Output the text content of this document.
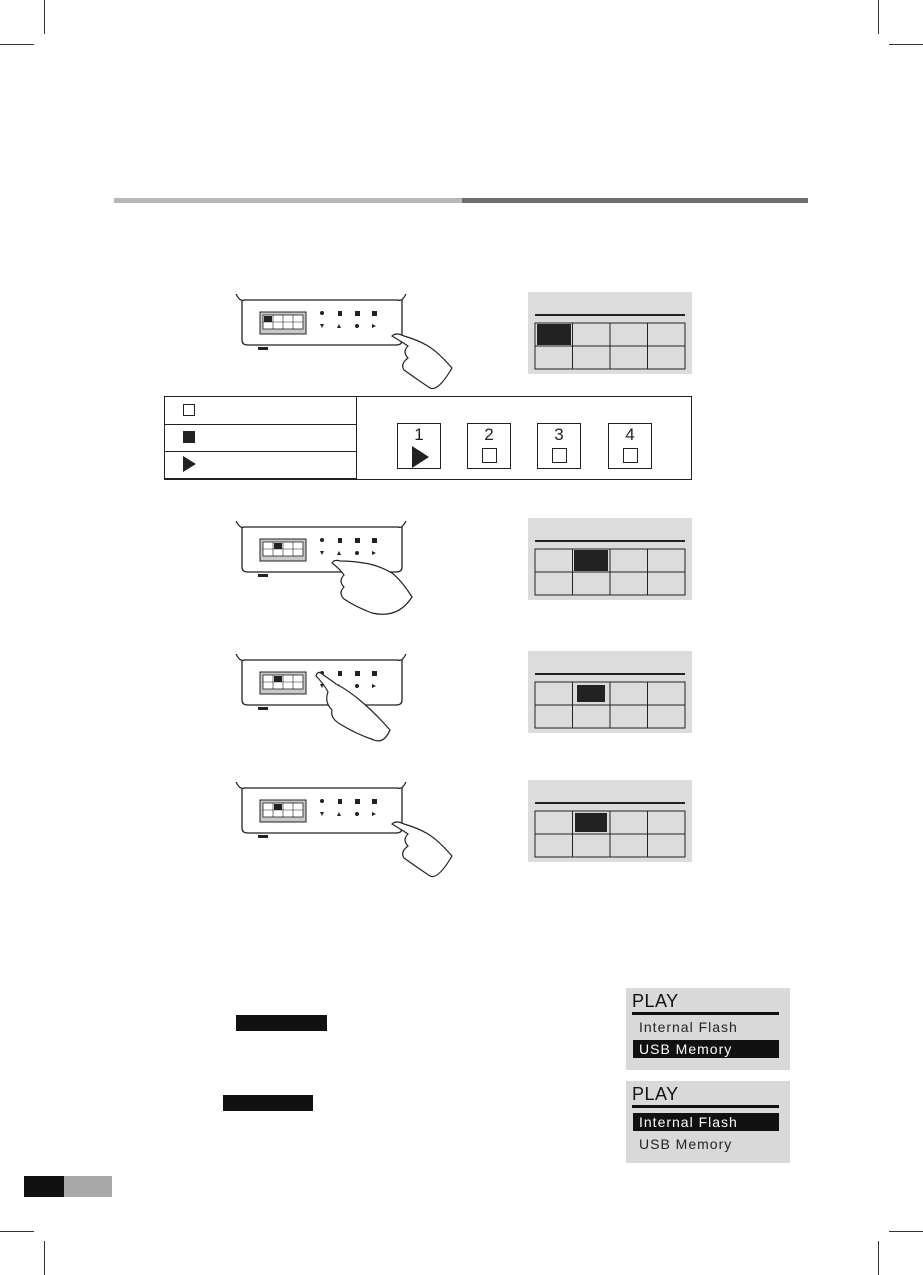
1	2	3	4
PLAY
Internal Flash
USB Memory
PLAY
Internal Flash
USB Memory
